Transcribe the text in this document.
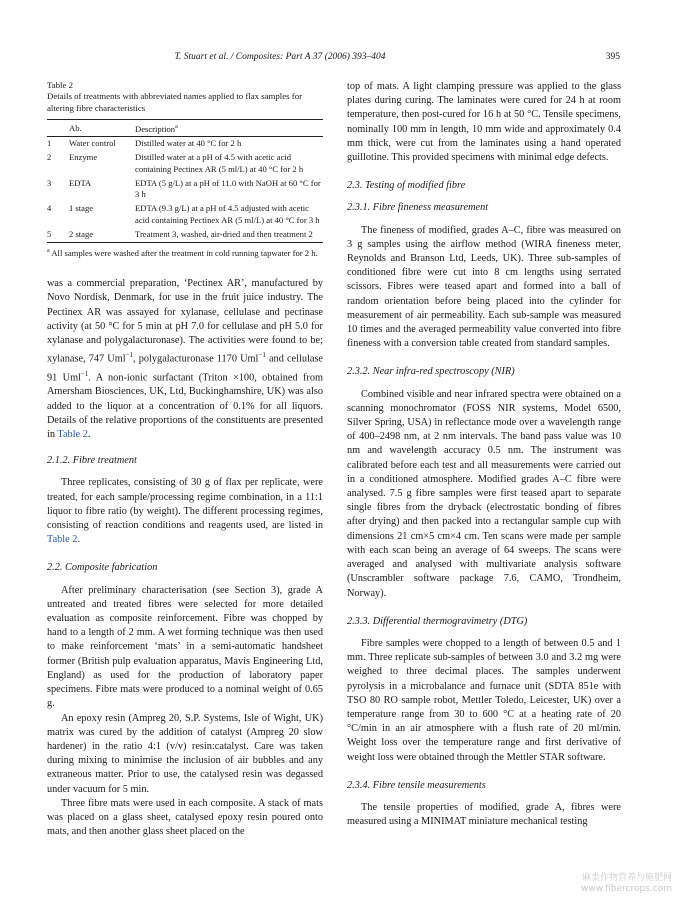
T. Stuart et al. / Composites: Part A 37 (2006) 393–404	395
Table 2
Details of treatments with abbreviated names applied to flax samples for altering fibre characteristics
	Ab.	Description$^a$
1	Water control	Distilled water at 40 °C for 2 h
2	Enzyme	Distilled water at a pH of 4.5 with acetic acid containing Pectinex AR (5 ml/L) at 40 °C for 2 h
3	EDTA	EDTA (5 g/L) at a pH of 11.0 with NaOH at 60 °C for 3 h
4	1 stage	EDTA (9.3 g/L) at a pH of 4.5 adjusted with acetic acid containing Pectinex AR (5 ml/L) at 40 °C for 3 h
5	2 stage	Treatment 3, washed, air-dried and then treatment 2
$^a$ All samples were washed after the treatment in cold running tapwater for 2 h.

was a commercial preparation, ‘Pectinex AR’, manufactured by Novo Nordisk, Denmark, for use in the fruit juice industry. The Pectinex AR was assayed for xylanase, cellulase and pectinase activity (at 50 °C for 5 min at pH 7.0 for cellulase and pH 5.0 for xylanase and polygalacturonase). The activities were found to be; xylanase, 747 Uml$^{-1}$, polygalacturonase 1170 Uml$^{-1}$ and cellulase 91 Uml$^{-1}$. A non-ionic surfactant (Triton ×100, obtained from Amersham Biosciences, UK, Ltd, Buckinghamshire, UK) was also added to the liquor at a concentration of 0.1% for all liquors. Details of the relative proportions of the constituents are presented in Table 2.

2.1.2. Fibre treatment

Three replicates, consisting of 30 g of flax per replicate, were treated, for each sample/processing regime combination, in a 11:1 liquor to fibre ratio (by weight). The different processing regimes, consisting of reaction conditions and reagents used, are listed in Table 2.

2.2. Composite fabrication

After preliminary characterisation (see Section 3), grade A untreated and treated fibres were selected for more detailed evaluation as composite reinforcement. Fibre was chopped by hand to a length of 2 mm. A wet forming technique was then used to make reinforcement ‘mats’ in a semi-automatic handsheet former (British pulp evaluation apparatus, Mavis Engineering Ltd, England) as used for the production of laboratory paper specimens. Fibre mats were produced to a nominal weight of 0.65 g.

An epoxy resin (Ampreg 20, S.P. Systems, Isle of Wight, UK) matrix was cured by the addition of catalyst (Ampreg 20 slow hardener) in the ratio 4:1 (v/v) resin:catalyst. Care was taken during mixing to minimise the inclusion of air bubbles and any extraneous matter. Prior to use, the catalysed resin was degassed under vacuum for 5 min.

Three fibre mats were used in each composite. A stack of mats was placed on a glass sheet, catalysed epoxy resin poured onto mats, and then another glass sheet placed on the

top of mats. A light clamping pressure was applied to the glass plates during curing. The laminates were cured for 24 h at room temperature, then post-cured for 16 h at 50 °C. Tensile specimens, nominally 100 mm in length, 10 mm wide and approximately 0.4 mm thick, were cut from the laminates using a hand operated guillotine. This provided specimens with minimal edge defects.

2.3. Testing of modified fibre
2.3.1. Fibre fineness measurement

The fineness of modified, grades A–C, fibre was measured on 3 g samples using the airflow method (WIRA fineness meter, Reynolds and Branson Ltd, Leeds, UK). Three sub-samples of conditioned fibre were cut into 8 cm lengths using serrated scissors. Fibres were teased apart and formed into a ball of random orientation before being placed into the cylinder for measurement of air permeability. Each sub-sample was measured 10 times and the averaged permeability value converted into fibre fineness with a conversion table created from standard samples.

2.3.2. Near infra-red spectroscopy (NIR)

Combined visible and near infrared spectra were obtained on a scanning monochromator (FOSS NIR systems, Model 6500, Silver Spring, USA) in reflectance mode over a wavelength range of 400–2498 nm, at 2 nm intervals. The band pass value was 10 nm and wavelength accuracy 0.5 nm. The instrument was calibrated before each test and all measurements were carried out in a conditioned atmosphere. Modified grades A–C fibre were analysed. 7.5 g fibre samples were first teased apart to separate single fibres from the dryback (electrostatic bonding of fibres after drying) and then packed into a rectangular sample cup with dimensions 21 cm×5 cm×4 cm. Ten scans were made per sample with each scan being an average of 64 sweeps. The scans were averaged and analysed with multivariate analysis software (Unscrambler software package 7.6, CAMO, Trondheim, Norway).

2.3.3. Differential thermogravimetry (DTG)

Fibre samples were chopped to a length of between 0.5 and 1 mm. Three replicate sub-samples of between 3.0 and 3.2 mg were weighed to three decimal places. The samples underwent pyrolysis in a microbalance and furnace unit (SDTA 851e with TSO 80 RO sample robot, Mettler Toledo, Leicester, UK) over a temperature range from 30 to 600 °C at a heating rate of 20 °C/min in an air atmosphere with a flush rate of 20 ml/min. Weight loss over the temperature range and first derivative of weight loss were obtained through the Mettler STAR software.

2.3.4. Fibre tensile measurements

The tensile properties of modified, grade A, fibres were measured using a MINIMAT miniature mechanical testing

麻类作物营养与施肥网
www.fibercrops.com
